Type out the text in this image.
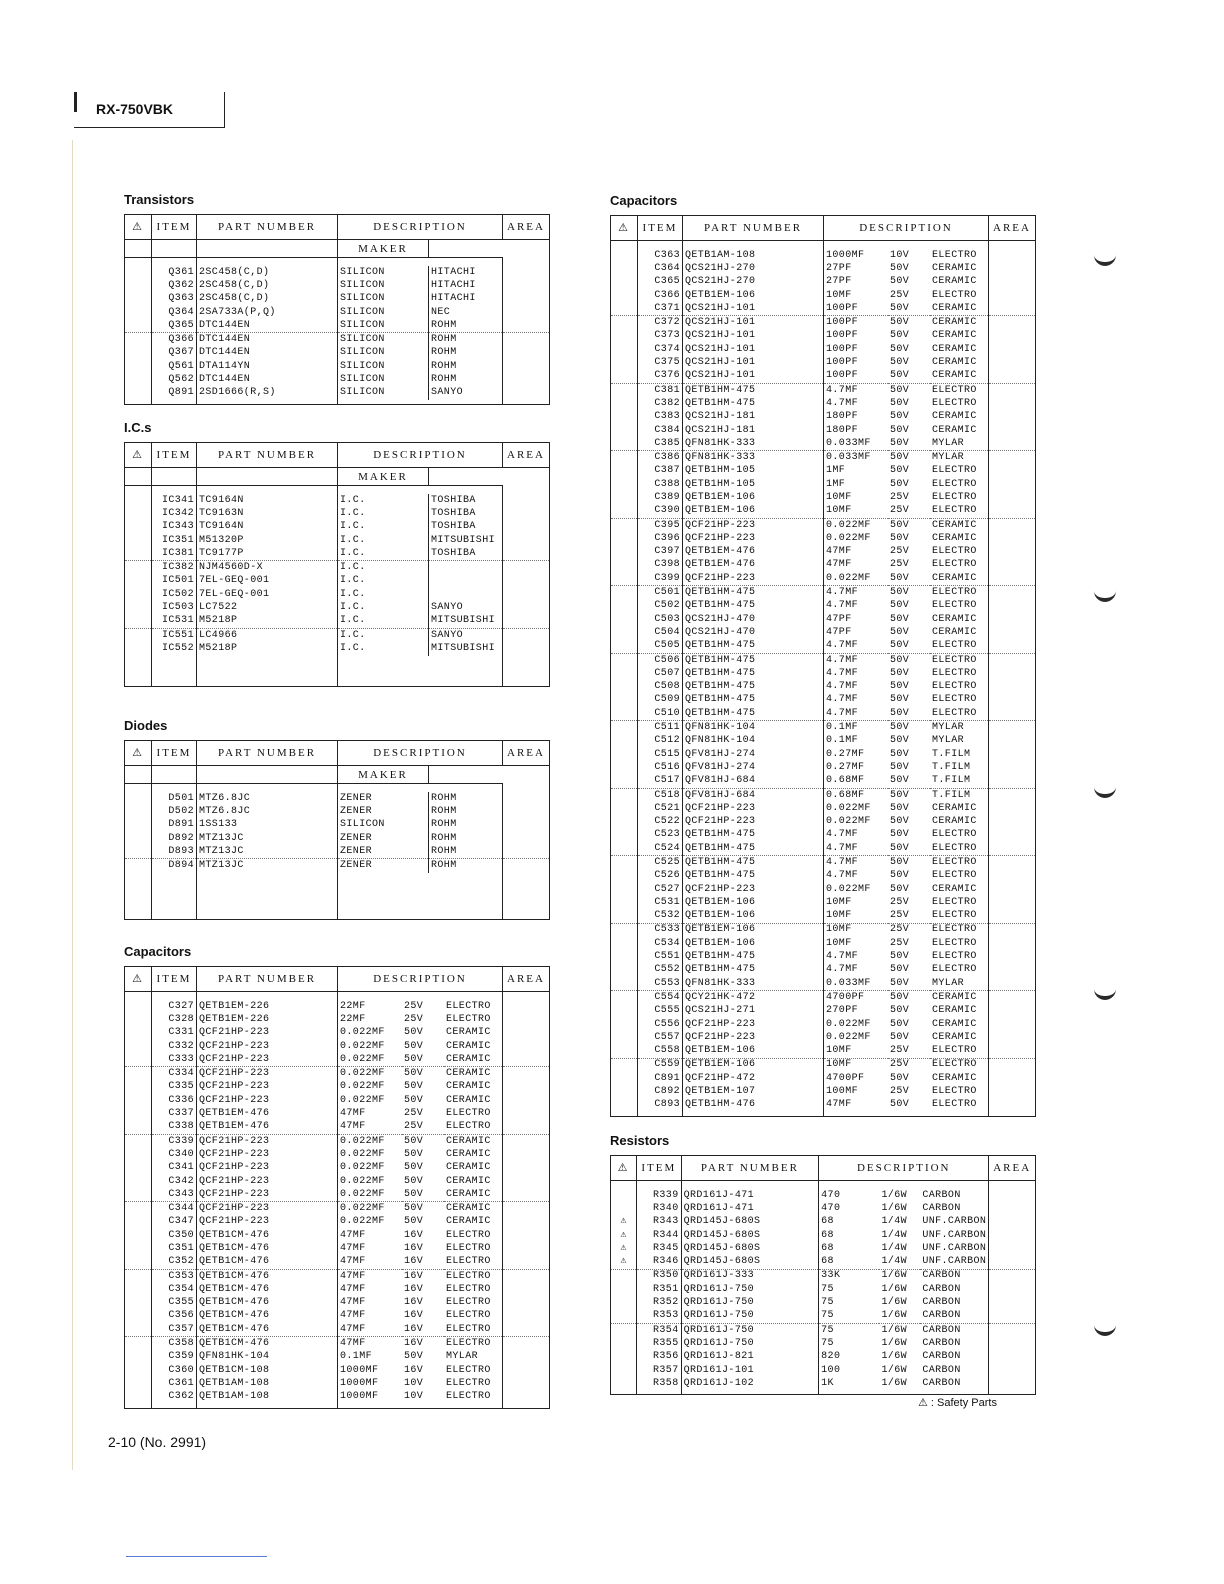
RX-750VBK
Transistors
⚠	ITEM	PART NUMBER	DESCRIPTION		AREA
			MAKER		

	Q361	2SC458(C,D)	SILICON	HITACHI	
	Q362	2SC458(C,D)	SILICON	HITACHI	
	Q363	2SC458(C,D)	SILICON	HITACHI	
	Q364	2SA733A(P,Q)	SILICON	NEC	
	Q365	DTC144EN	SILICON	ROHM	
	Q366	DTC144EN	SILICON	ROHM	
	Q367	DTC144EN	SILICON	ROHM	
	Q561	DTA114YN	SILICON	ROHM	
	Q562	DTC144EN	SILICON	ROHM	
	Q891	2SD1666(R,S)	SILICON	SANYO	

I.C.s
⚠	ITEM	PART NUMBER	DESCRIPTION		AREA
			MAKER		

	IC341	TC9164N	I.C.	TOSHIBA	
	IC342	TC9163N	I.C.	TOSHIBA	
	IC343	TC9164N	I.C.	TOSHIBA	
	IC351	M51320P	I.C.	MITSUBISHI	
	IC381	TC9177P	I.C.	TOSHIBA	
	IC382	NJM4560D-X	I.C.		
	IC501	7EL-GEQ-001	I.C.		
	IC502	7EL-GEQ-001	I.C.		
	IC503	LC7522	I.C.	SANYO	
	IC531	M5218P	I.C.	MITSUBISHI	
	IC551	LC4966	I.C.	SANYO	
	IC552	M5218P	I.C.	MITSUBISHI	

Diodes
⚠	ITEM	PART NUMBER	DESCRIPTION		AREA
			MAKER		

	D501	MTZ6.8JC	ZENER	ROHM	
	D502	MTZ6.8JC	ZENER	ROHM	
	D891	1SS133	SILICON	ROHM	
	D892	MTZ13JC	ZENER	ROHM	
	D893	MTZ13JC	ZENER	ROHM	
	D894	MTZ13JC	ZENER	ROHM	

Capacitors
⚠	ITEM	PART NUMBER	DESCRIPTION			AREA

	C327	QETB1EM-226	22MF	25V	ELECTRO	
	C328	QETB1EM-226	22MF	25V	ELECTRO	
	C331	QCF21HP-223	0.022MF	50V	CERAMIC	
	C332	QCF21HP-223	0.022MF	50V	CERAMIC	
	C333	QCF21HP-223	0.022MF	50V	CERAMIC	
	C334	QCF21HP-223	0.022MF	50V	CERAMIC	
	C335	QCF21HP-223	0.022MF	50V	CERAMIC	
	C336	QCF21HP-223	0.022MF	50V	CERAMIC	
	C337	QETB1EM-476	47MF	25V	ELECTRO	
	C338	QETB1EM-476	47MF	25V	ELECTRO	
	C339	QCF21HP-223	0.022MF	50V	CERAMIC	
	C340	QCF21HP-223	0.022MF	50V	CERAMIC	
	C341	QCF21HP-223	0.022MF	50V	CERAMIC	
	C342	QCF21HP-223	0.022MF	50V	CERAMIC	
	C343	QCF21HP-223	0.022MF	50V	CERAMIC	
	C344	QCF21HP-223	0.022MF	50V	CERAMIC	
	C347	QCF21HP-223	0.022MF	50V	CERAMIC	
	C350	QETB1CM-476	47MF	16V	ELECTRO	
	C351	QETB1CM-476	47MF	16V	ELECTRO	
	C352	QETB1CM-476	47MF	16V	ELECTRO	
	C353	QETB1CM-476	47MF	16V	ELECTRO	
	C354	QETB1CM-476	47MF	16V	ELECTRO	
	C355	QETB1CM-476	47MF	16V	ELECTRO	
	C356	QETB1CM-476	47MF	16V	ELECTRO	
	C357	QETB1CM-476	47MF	16V	ELECTRO	
	C358	QETB1CM-476	47MF	16V	ELECTRO	
	C359	QFN81HK-104	0.1MF	50V	MYLAR	
	C360	QETB1CM-108	1000MF	16V	ELECTRO	
	C361	QETB1AM-108	1000MF	10V	ELECTRO	
	C362	QETB1AM-108	1000MF	10V	ELECTRO	

Capacitors
⚠	ITEM	PART NUMBER	DESCRIPTION			AREA

	C363	QETB1AM-108	1000MF	10V	ELECTRO	
	C364	QCS21HJ-270	27PF	50V	CERAMIC	
	C365	QCS21HJ-270	27PF	50V	CERAMIC	
	C366	QETB1EM-106	10MF	25V	ELECTRO	
	C371	QCS21HJ-101	100PF	50V	CERAMIC	
	C372	QCS21HJ-101	100PF	50V	CERAMIC	
	C373	QCS21HJ-101	100PF	50V	CERAMIC	
	C374	QCS21HJ-101	100PF	50V	CERAMIC	
	C375	QCS21HJ-101	100PF	50V	CERAMIC	
	C376	QCS21HJ-101	100PF	50V	CERAMIC	
	C381	QETB1HM-475	4.7MF	50V	ELECTRO	
	C382	QETB1HM-475	4.7MF	50V	ELECTRO	
	C383	QCS21HJ-181	180PF	50V	CERAMIC	
	C384	QCS21HJ-181	180PF	50V	CERAMIC	
	C385	QFN81HK-333	0.033MF	50V	MYLAR	
	C386	QFN81HK-333	0.033MF	50V	MYLAR	
	C387	QETB1HM-105	1MF	50V	ELECTRO	
	C388	QETB1HM-105	1MF	50V	ELECTRO	
	C389	QETB1EM-106	10MF	25V	ELECTRO	
	C390	QETB1EM-106	10MF	25V	ELECTRO	
	C395	QCF21HP-223	0.022MF	50V	CERAMIC	
	C396	QCF21HP-223	0.022MF	50V	CERAMIC	
	C397	QETB1EM-476	47MF	25V	ELECTRO	
	C398	QETB1EM-476	47MF	25V	ELECTRO	
	C399	QCF21HP-223	0.022MF	50V	CERAMIC	
	C501	QETB1HM-475	4.7MF	50V	ELECTRO	
	C502	QETB1HM-475	4.7MF	50V	ELECTRO	
	C503	QCS21HJ-470	47PF	50V	CERAMIC	
	C504	QCS21HJ-470	47PF	50V	CERAMIC	
	C505	QETB1HM-475	4.7MF	50V	ELECTRO	
	C506	QETB1HM-475	4.7MF	50V	ELECTRO	
	C507	QETB1HM-475	4.7MF	50V	ELECTRO	
	C508	QETB1HM-475	4.7MF	50V	ELECTRO	
	C509	QETB1HM-475	4.7MF	50V	ELECTRO	
	C510	QETB1HM-475	4.7MF	50V	ELECTRO	
	C511	QFN81HK-104	0.1MF	50V	MYLAR	
	C512	QFN81HK-104	0.1MF	50V	MYLAR	
	C515	QFV81HJ-274	0.27MF	50V	T.FILM	
	C516	QFV81HJ-274	0.27MF	50V	T.FILM	
	C517	QFV81HJ-684	0.68MF	50V	T.FILM	
	C518	QFV81HJ-684	0.68MF	50V	T.FILM	
	C521	QCF21HP-223	0.022MF	50V	CERAMIC	
	C522	QCF21HP-223	0.022MF	50V	CERAMIC	
	C523	QETB1HM-475	4.7MF	50V	ELECTRO	
	C524	QETB1HM-475	4.7MF	50V	ELECTRO	
	C525	QETB1HM-475	4.7MF	50V	ELECTRO	
	C526	QETB1HM-475	4.7MF	50V	ELECTRO	
	C527	QCF21HP-223	0.022MF	50V	CERAMIC	
	C531	QETB1EM-106	10MF	25V	ELECTRO	
	C532	QETB1EM-106	10MF	25V	ELECTRO	
	C533	QETB1EM-106	10MF	25V	ELECTRO	
	C534	QETB1EM-106	10MF	25V	ELECTRO	
	C551	QETB1HM-475	4.7MF	50V	ELECTRO	
	C552	QETB1HM-475	4.7MF	50V	ELECTRO	
	C553	QFN81HK-333	0.033MF	50V	MYLAR	
	C554	QCY21HK-472	4700PF	50V	CERAMIC	
	C555	QCS21HJ-271	270PF	50V	CERAMIC	
	C556	QCF21HP-223	0.022MF	50V	CERAMIC	
	C557	QCF21HP-223	0.022MF	50V	CERAMIC	
	C558	QETB1EM-106	10MF	25V	ELECTRO	
	C559	QETB1EM-106	10MF	25V	ELECTRO	
	C891	QCF21HP-472	4700PF	50V	CERAMIC	
	C892	QETB1EM-107	100MF	25V	ELECTRO	
	C893	QETB1HM-476	47MF	50V	ELECTRO	

Resistors
⚠	ITEM	PART NUMBER	DESCRIPTION			AREA

	R339	QRD161J-471	470	1/6W	CARBON	
	R340	QRD161J-471	470	1/6W	CARBON	
⚠	R343	QRD145J-680S	68	1/4W	UNF.CARBON	
⚠	R344	QRD145J-680S	68	1/4W	UNF.CARBON	
⚠	R345	QRD145J-680S	68	1/4W	UNF.CARBON	
⚠	R346	QRD145J-680S	68	1/4W	UNF.CARBON	
	R350	QRD161J-333	33K	1/6W	CARBON	
	R351	QRD161J-750	75	1/6W	CARBON	
	R352	QRD161J-750	75	1/6W	CARBON	
	R353	QRD161J-750	75	1/6W	CARBON	
	R354	QRD161J-750	75	1/6W	CARBON	
	R355	QRD161J-750	75	1/6W	CARBON	
	R356	QRD161J-821	820	1/6W	CARBON	
	R357	QRD161J-101	100	1/6W	CARBON	
	R358	QRD161J-102	1K	1/6W	CARBON	

⚠ : Safety Parts
2-10 (No. 2991)
